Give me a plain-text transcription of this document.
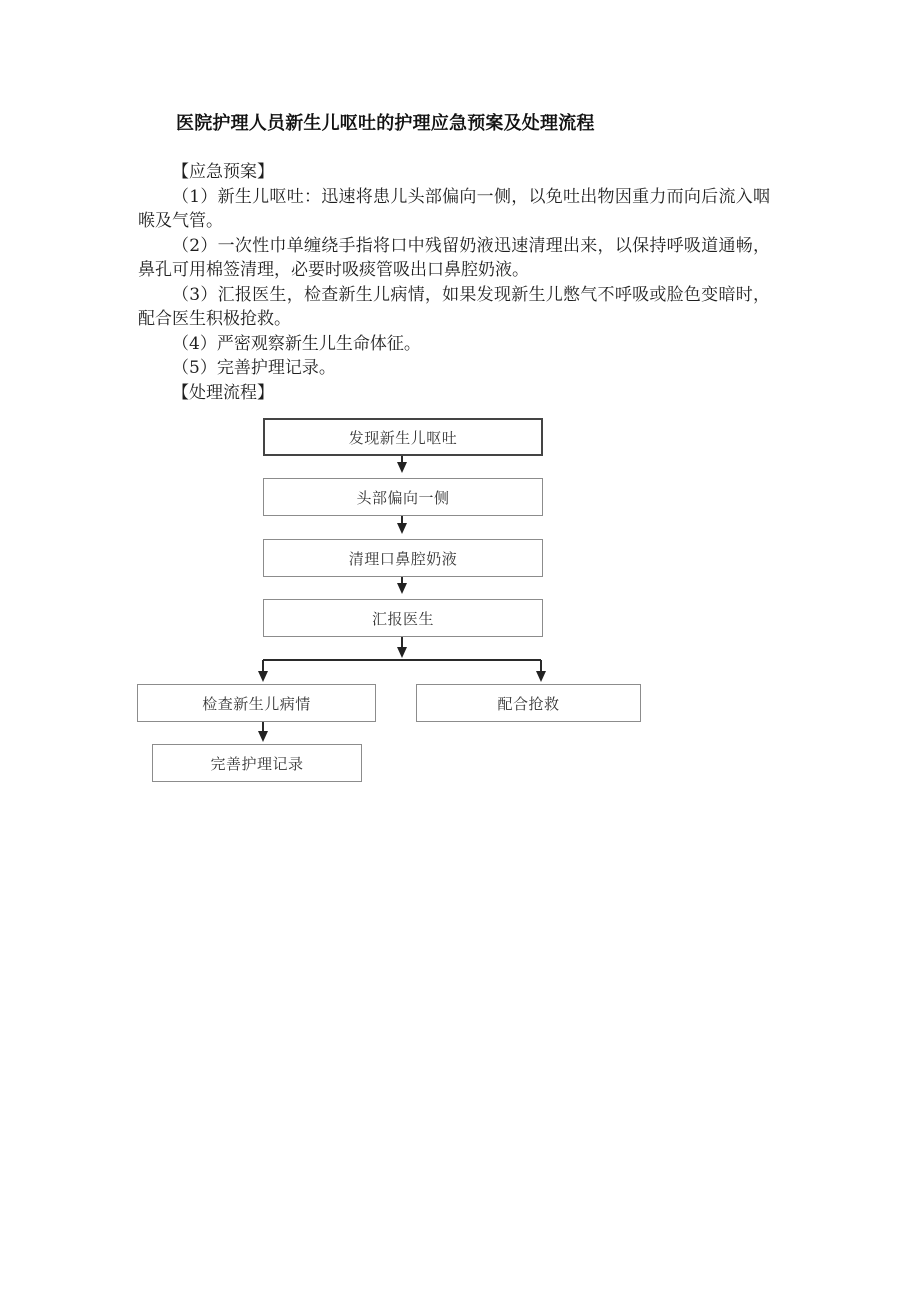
医院护理人员新生儿呕吐的护理应急预案及处理流程

【应急预案】

（1）新生儿呕吐：迅速将患儿头部偏向一侧，以免吐出物因重力而向后流入咽喉及气管。

（2）一次性巾单缠绕手指将口中残留奶液迅速清理出来，以保持呼吸道通畅，鼻孔可用棉签清理，必要时吸痰管吸出口鼻腔奶液。

（3）汇报医生，检查新生儿病情，如果发现新生儿憋气不呼吸或脸色变暗时，配合医生积极抢救。

（4）严密观察新生儿生命体征。

（5）完善护理记录。

【处理流程】

发现新生儿呕吐
头部偏向一侧
清理口鼻腔奶液
汇报医生
检查新生儿病情	配合抢救
完善护理记录
